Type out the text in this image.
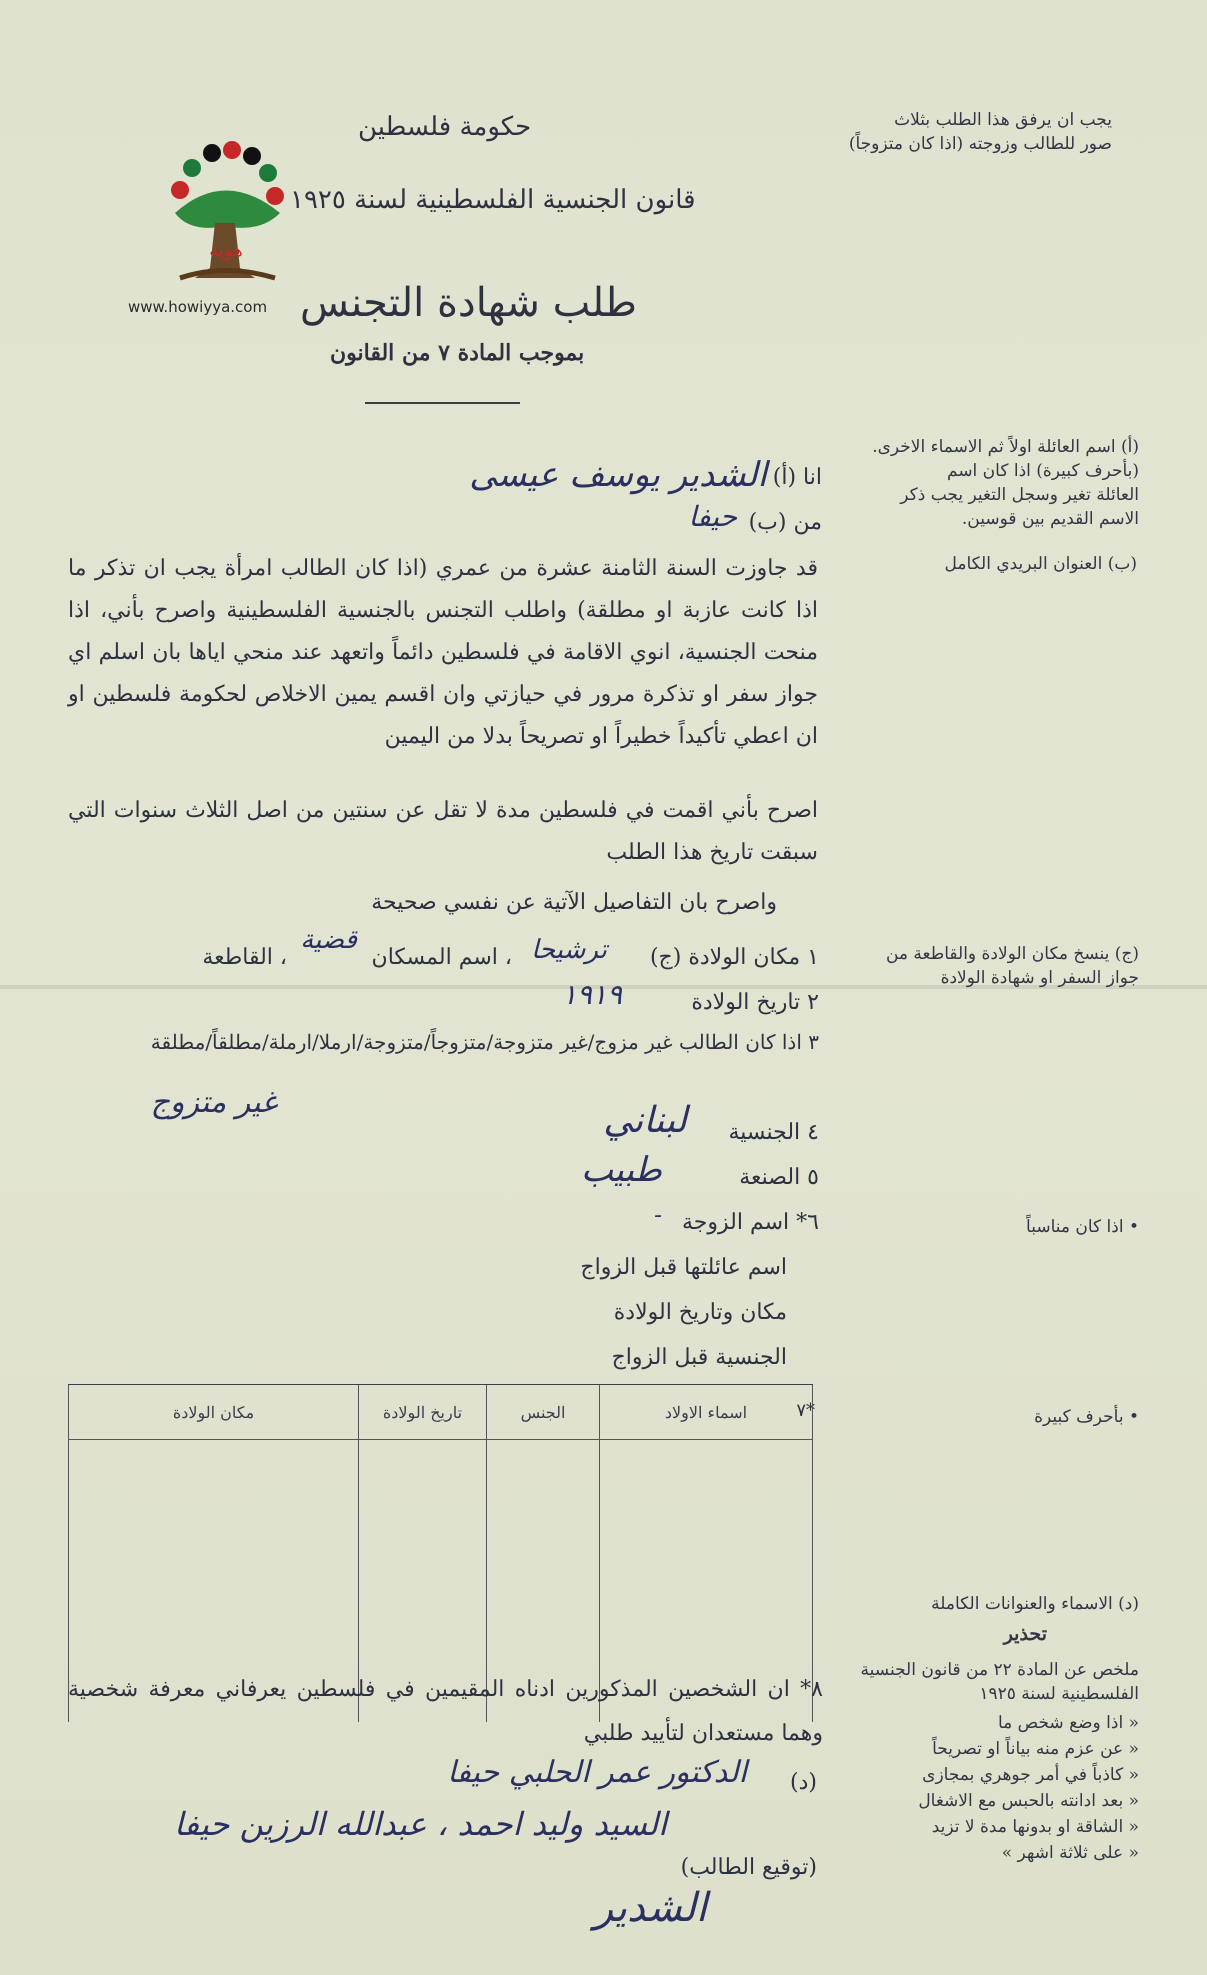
هوية
www.howiyya.com
حكومة فلسطين
قانون الجنسية الفلسطينية لسنة ١٩٢٥
طلب شهادة التجنس
بموجب المادة ٧ من القانون
يجب ان يرفق هذا الطلب بثلاث
صور للطالب وزوجته (اذا كان متزوجاً)
(أ) اسم العائلة اولاً ثم الاسماء الاخرى.
(بأحرف كبيرة) اذا كان اسم
العائلة تغير وسجل التغير يجب ذكر
الاسم القديم بين قوسين.
(ب) العنوان البريدي الكامل
(ج) ينسخ مكان الولادة والقاطعة من
جواز السفر او شهادة الولادة
• اذا كان مناسباً
• بأحرف كبيرة
(د) الاسماء والعنوانات الكاملة
تحذير
ملخص عن المادة ٢٢ من قانون الجنسية
الفلسطينية لسنة ١٩٢٥
« اذا وضع شخص ما
« عن عزم منه بياناً او تصريحاً
« كاذباً في أمر جوهري بمجازى
« بعد ادانته بالحبس مع الاشغال
« الشاقة او بدونها مدة لا تزيد
« على ثلاثة اشهر »
انا (أ)
الشدير يوسف عيسى
من (ب)
حيفا
قد جاوزت السنة الثامنة عشرة من عمري (اذا كان الطالب امرأة يجب ان تذكر ما اذا كانت عازبة او مطلقة) واطلب التجنس بالجنسية الفلسطينية واصرح بأني، اذا منحت الجنسية، انوي الاقامة في فلسطين دائماً واتعهد عند منحي اياها بان اسلم اي جواز سفر او تذكرة مرور في حيازتي وان اقسم يمين الاخلاص لحكومة فلسطين او ان اعطي تأكيداً خطيراً او تصريحاً بدلا من اليمين
اصرح بأني اقمت في فلسطين مدة لا تقل عن سنتين من اصل الثلاث سنوات التي سبقت تاريخ هذا الطلب
واصرح بان التفاصيل الآتية عن نفسي صحيحة
١ مكان الولادة (ج)
ترشيحا
، اسم المسكان
قضية
، القاطعة
٢ تاريخ الولادة
١٩١٩
٣ اذا كان الطالب غير مزوج/غير متزوجة/متزوجاً/متزوجة/ارملا/ارملة/مطلقاً/مطلقة
غير متزوج
٤ الجنسية
لبناني
٥ الصنعة
طبيب
٦* اسم الزوجة
-
اسم عائلتها قبل الزواج
مكان وتاريخ الولادة
الجنسية قبل الزواج
٧*
اسماء الاولاد	الجنس	تاريخ الولادة	مكان الولادة

٨* ان الشخصين المذكورين ادناه المقيمين في فلسطين يعرفاني معرفة شخصية وهما مستعدان لتأييد طلبي
(د)
الدكتور عمر الحلبي حيفا
السيد وليد احمد ، عبدالله الرزين حيفا
(توقيع الطالب)
الشدير
